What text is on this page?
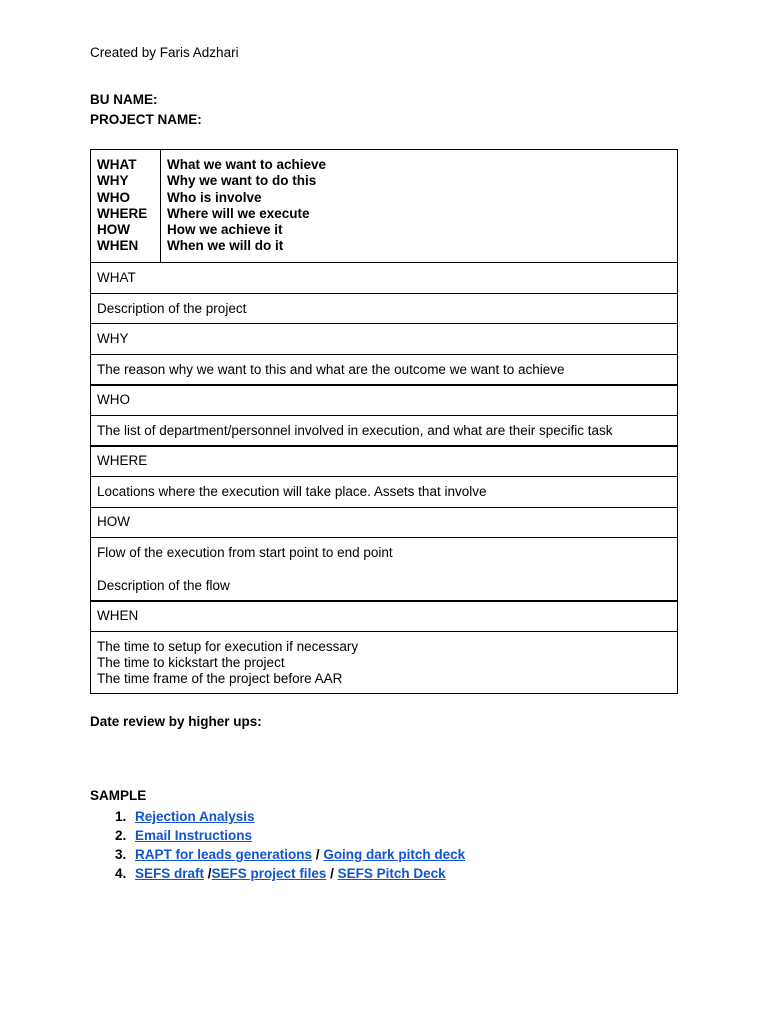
Created by Faris Adzhari
BU NAME:
PROJECT NAME:
WHAT
WHY
WHO
WHERE
HOW
WHEN
What we want to achieve
Why we want to do this
Who is involve
Where will we execute
How we achieve it
When we will do it
WHAT
Description of the project
WHY
The reason why we want to this and what are the outcome we want to achieve
WHO
The list of department/personnel involved in execution, and what are their specific task
WHERE
Locations where the execution will take place. Assets that involve
HOW
Flow of the execution from start point to end point
Description of the flow
WHEN
The time to setup for execution if necessary
The time to kickstart the project
The time frame of the project before AAR
Date review by higher ups:
SAMPLE
1. Rejection Analysis
2. Email Instructions
3. RAPT for leads generations / Going dark pitch deck
4. SEFS draft /SEFS project files / SEFS Pitch Deck
